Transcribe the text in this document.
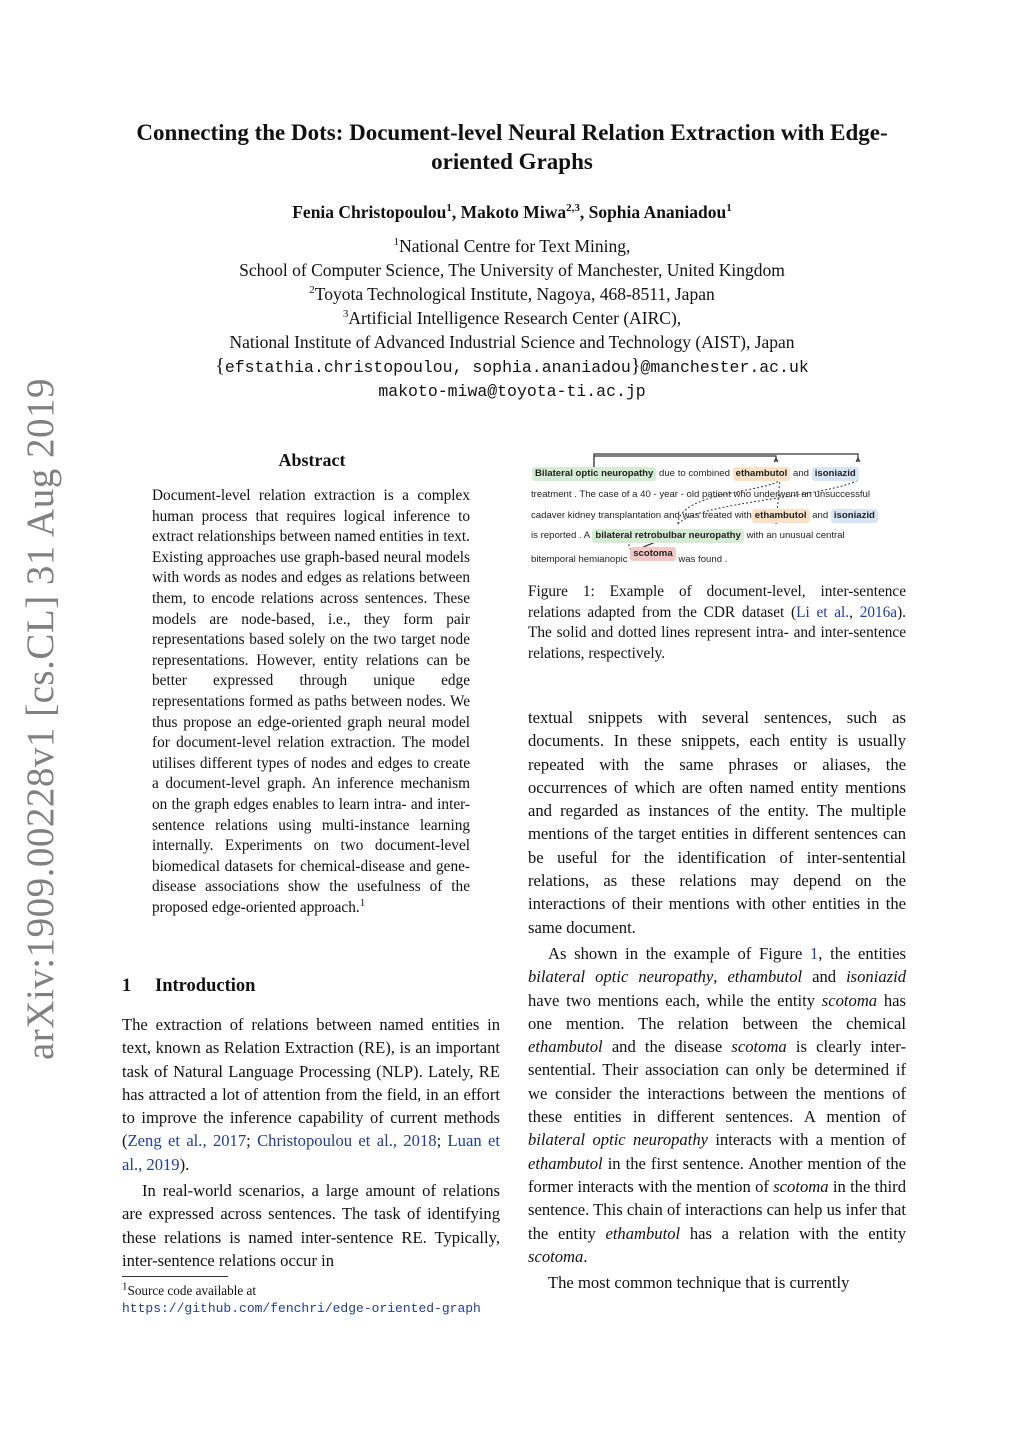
Connecting the Dots: Document-level Neural Relation Extraction with Edge-oriented Graphs
Fenia Christopoulou$^1$, Makoto Miwa$^{2,3}$, Sophia Ananiadou$^1$
$^1$National Centre for Text Mining,
School of Computer Science, The University of Manchester, United Kingdom
$^2$Toyota Technological Institute, Nagoya, 468-8511, Japan
$^3$Artificial Intelligence Research Center (AIRC),
National Institute of Advanced Industrial Science and Technology (AIST), Japan
{efstathia.christopoulou, sophia.ananiadou}@manchester.ac.uk
makoto-miwa@toyota-ti.ac.jp
arXiv:1909.00228v1 [cs.CL] 31 Aug 2019	Abstract
Document-level relation extraction is a complex human process that requires logical inference to extract relationships between named entities in text. Existing approaches use graph-based neural models with words as nodes and edges as relations between them, to encode relations across sentences. These models are node-based, i.e., they form pair representations based solely on the two target node representations. However, entity relations can be better expressed through unique edge representations formed as paths between nodes. We thus propose an edge-oriented graph neural model for document-level relation extraction. The model utilises different types of nodes and edges to create a document-level graph. An inference mechanism on the graph edges enables to learn intra- and inter-sentence relations using multi-instance learning internally. Experiments on two document-level biomedical datasets for chemical-disease and gene-disease associations show the usefulness of the proposed edge-oriented approach.$^1$
1 Introduction

The extraction of relations between named entities in text, known as Relation Extraction (RE), is an important task of Natural Language Processing (NLP). Lately, RE has attracted a lot of attention from the field, in an effort to improve the inference capability of current methods (Zeng et al., 2017; Christopoulou et al., 2018; Luan et al., 2019).

In real-world scenarios, a large amount of relations are expressed across sentences. The task of identifying these relations is named inter-sentence RE. Typically, inter-sentence relations occur in

$^1$Source code available at https://github.com/fenchri/edge-oriented-graph
Bilateral optic neuropathy due to combined ethambutol and isoniazid
treatment . The case of a 40 - year - old patient who underwent an unsuccessful
cadaver kidney transplantation and was treated with ethambutol and isoniazid
is reported . A bilateral retrobulbar neuropathy with an unusual central
bitemporal hemianopic scotoma was found .
Figure 1: Example of document-level, inter-sentence relations adapted from the CDR dataset (Li et al., 2016a). The solid and dotted lines represent intra- and inter-sentence relations, respectively.

textual snippets with several sentences, such as documents. In these snippets, each entity is usually repeated with the same phrases or aliases, the occurrences of which are often named entity mentions and regarded as instances of the entity. The multiple mentions of the target entities in different sentences can be useful for the identification of inter-sentential relations, as these relations may depend on the interactions of their mentions with other entities in the same document.

As shown in the example of Figure 1, the entities bilateral optic neuropathy, ethambutol and isoniazid have two mentions each, while the entity scotoma has one mention. The relation between the chemical ethambutol and the disease scotoma is clearly inter-sentential. Their association can only be determined if we consider the interactions between the mentions of these entities in different sentences. A mention of bilateral optic neuropathy interacts with a mention of ethambutol in the first sentence. Another mention of the former interacts with the mention of scotoma in the third sentence. This chain of interactions can help us infer that the entity ethambutol has a relation with the entity scotoma.

The most common technique that is currently
